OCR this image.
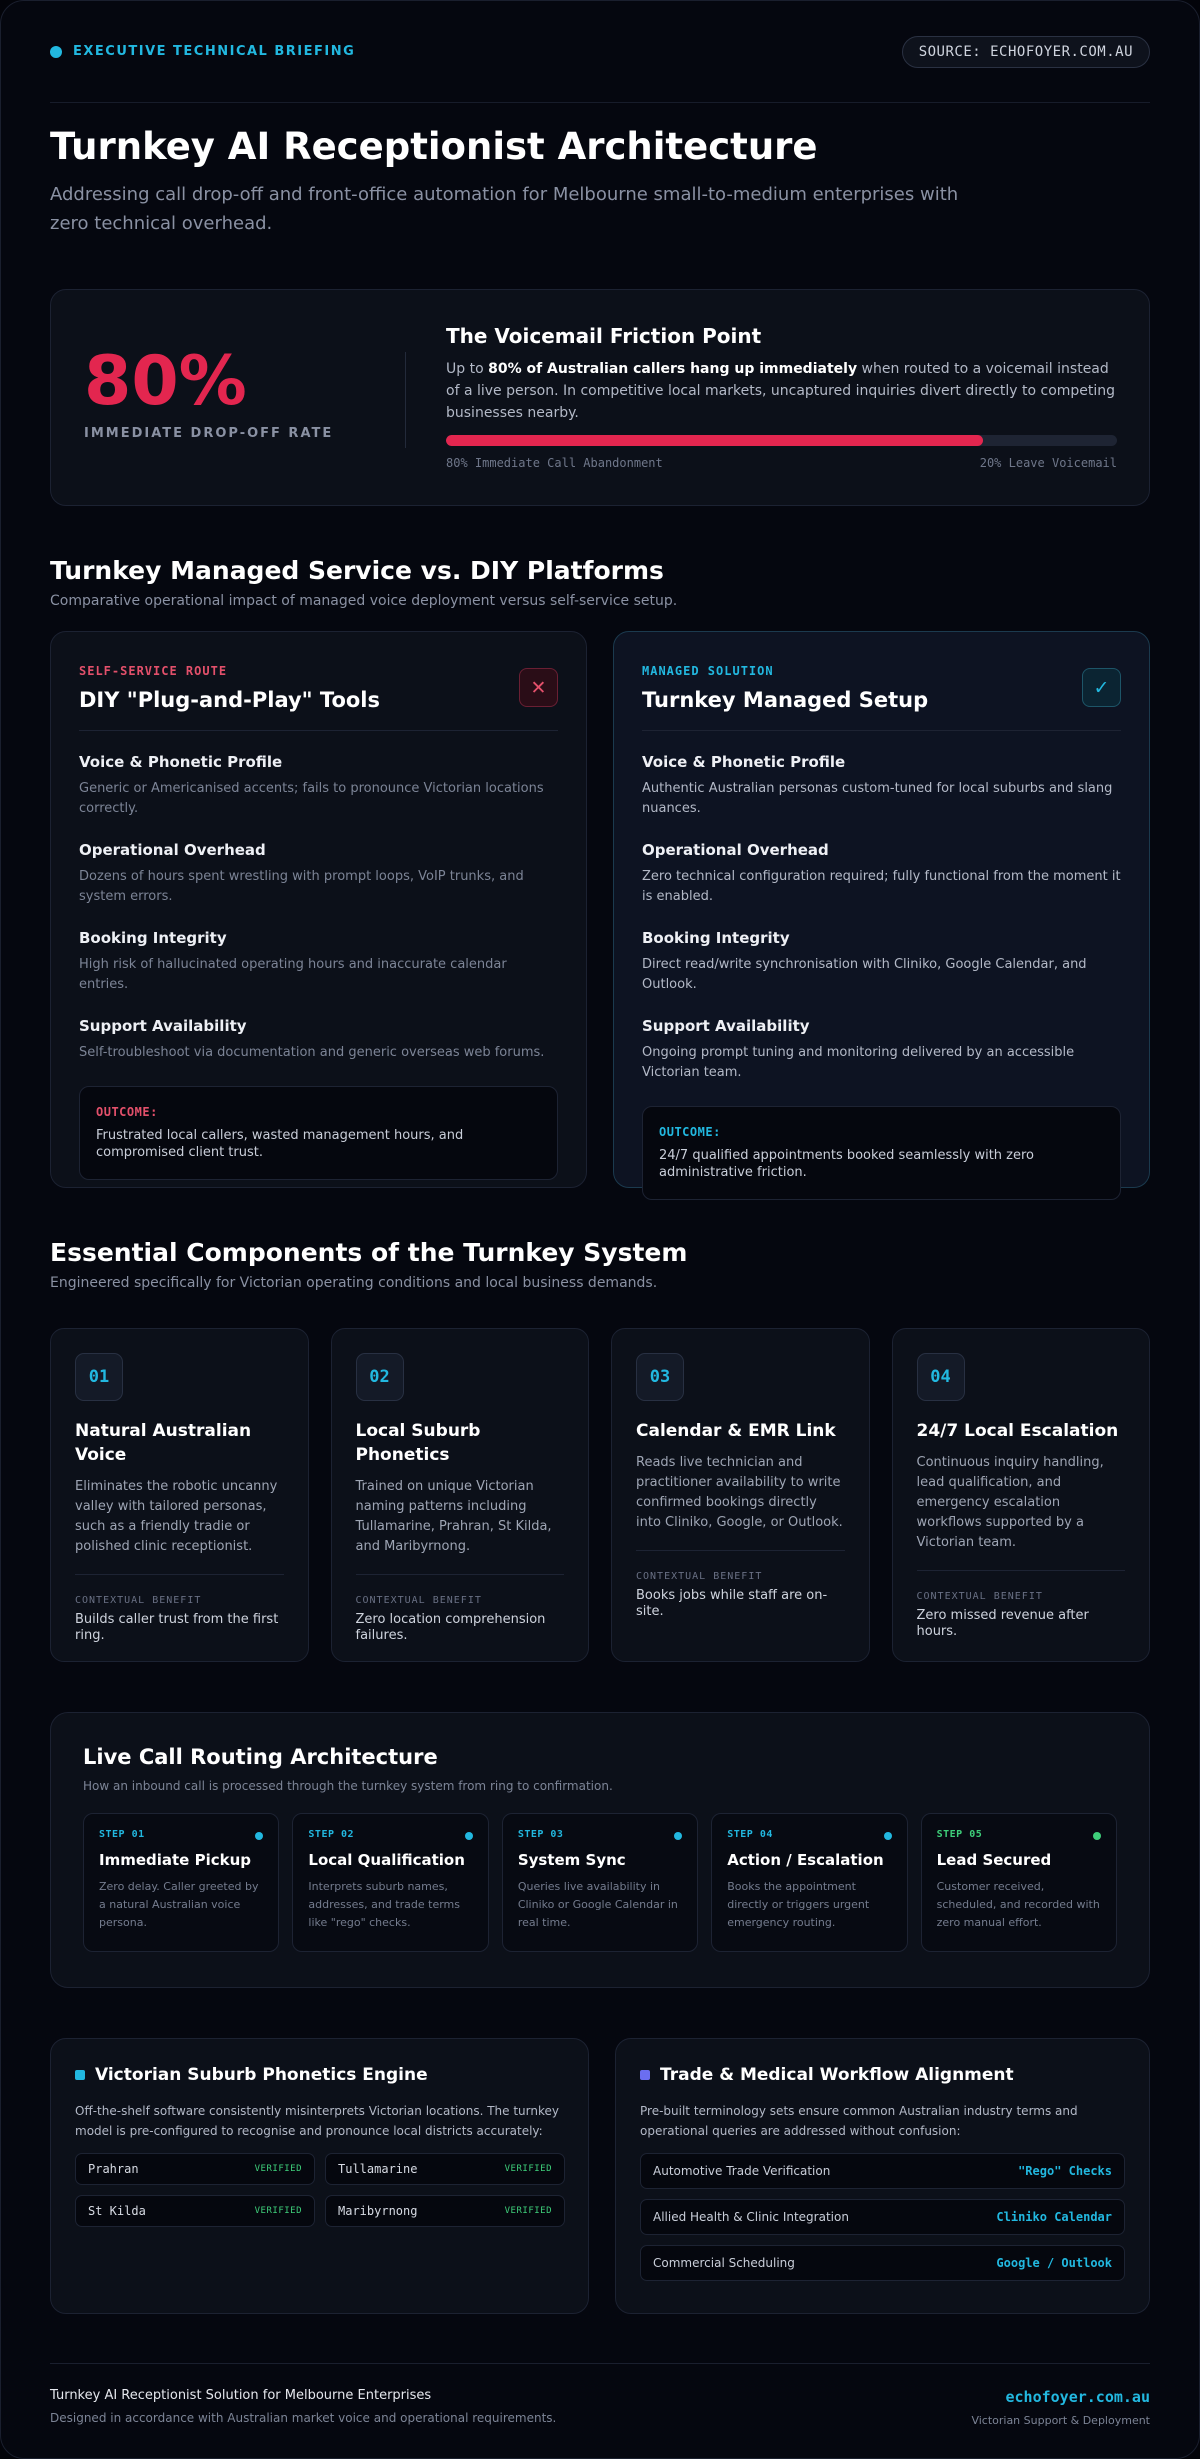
EXECUTIVE TECHNICAL BRIEFING	SOURCE: ECHOFOYER.COM.AU
Turnkey AI Receptionist Architecture

Addressing call drop-off and front-office automation for Melbourne small-to-medium enterprises with zero technical overhead.

80%
IMMEDIATE DROP-OFF RATE
The Voicemail Friction Point

Up to 80% of Australian callers hang up immediately when routed to a voicemail instead of a live person. In competitive local markets, uncaptured inquiries divert directly to competing businesses nearby.

80% Immediate Call Abandonment	20% Leave Voicemail
Turnkey Managed Service vs. DIY Platforms

Comparative operational impact of managed voice deployment versus self-service setup.

SELF-SERVICE ROUTE
DIY "Plug-and-Play" Tools
✕
Voice & Phonetic Profile

Generic or Americanised accents; fails to pronounce Victorian locations correctly.

Operational Overhead

Dozens of hours spent wrestling with prompt loops, VoIP trunks, and system errors.

Booking Integrity

High risk of hallucinated operating hours and inaccurate calendar entries.

Support Availability

Self-troubleshoot via documentation and generic overseas web forums.

OUTCOME:

Frustrated local callers, wasted management hours, and compromised client trust.

MANAGED SOLUTION
Turnkey Managed Setup
✓
Voice & Phonetic Profile

Authentic Australian personas custom-tuned for local suburbs and slang nuances.

Operational Overhead

Zero technical configuration required; fully functional from the moment it is enabled.

Booking Integrity

Direct read/write synchronisation with Cliniko, Google Calendar, and Outlook.

Support Availability

Ongoing prompt tuning and monitoring delivered by an accessible Victorian team.

OUTCOME:

24/7 qualified appointments booked seamlessly with zero administrative friction.

Essential Components of the Turnkey System

Engineered specifically for Victorian operating conditions and local business demands.

01
Natural Australian Voice

Eliminates the robotic uncanny valley with tailored personas, such as a friendly tradie or polished clinic receptionist.

CONTEXTUAL BENEFIT
Builds caller trust from the first ring.
02
Local Suburb Phonetics

Trained on unique Victorian naming patterns including Tullamarine, Prahran, St Kilda, and Maribyrnong.

CONTEXTUAL BENEFIT
Zero location comprehension failures.
03
Calendar & EMR Link

Reads live technician and practitioner availability to write confirmed bookings directly into Cliniko, Google, or Outlook.

CONTEXTUAL BENEFIT
Books jobs while staff are on-site.
04
24/7 Local Escalation

Continuous inquiry handling, lead qualification, and emergency escalation workflows supported by a Victorian team.

CONTEXTUAL BENEFIT
Zero missed revenue after hours.
Live Call Routing Architecture

How an inbound call is processed through the turnkey system from ring to confirmation.

STEP 01
Immediate Pickup

Zero delay. Caller greeted by a natural Australian voice persona.

STEP 02
Local Qualification

Interprets suburb names, addresses, and trade terms like "rego" checks.

STEP 03
System Sync

Queries live availability in Cliniko or Google Calendar in real time.

STEP 04
Action / Escalation

Books the appointment directly or triggers urgent emergency routing.

STEP 05
Lead Secured

Customer received, scheduled, and recorded with zero manual effort.

Victorian Suburb Phonetics Engine

Off-the-shelf software consistently misinterprets Victorian locations. The turnkey model is pre-configured to recognise and pronounce local districts accurately:

Prahran	VERIFIED	Tullamarine	VERIFIED
St Kilda	VERIFIED	Maribyrnong	VERIFIED
Trade & Medical Workflow Alignment

Pre-built terminology sets ensure common Australian industry terms and operational queries are addressed without confusion:

Automotive Trade Verification	"Rego" Checks
Allied Health & Clinic Integration	Cliniko Calendar
Commercial Scheduling	Google / Outlook
Turnkey AI Receptionist Solution for Melbourne Enterprises
Designed in accordance with Australian market voice and operational requirements.
echofoyer.com.au
Victorian Support & Deployment
